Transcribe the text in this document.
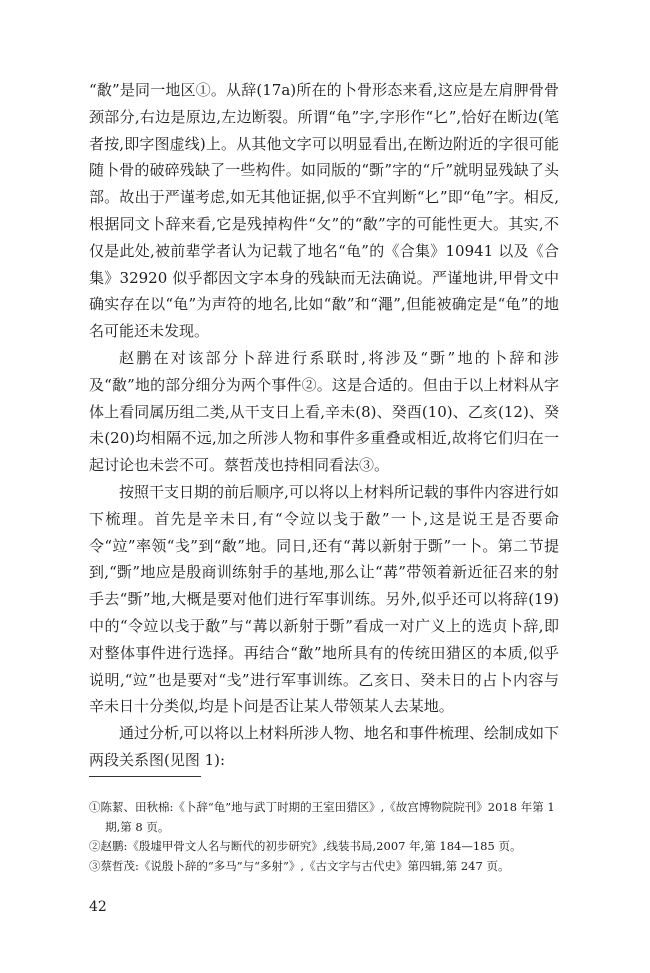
“敿”是同一地区①。从辞(17a)所在的卜骨形态来看,这应是左肩胛骨骨颈部分,右边是原边,左边断裂。所谓“龟”字,字形作“𠤎”,恰好在断边(笔者按,即字图虚线)上。从其他文字可以明显看出,在断边附近的字很可能随卜骨的破碎残缺了一些构件。如同版的“斲”字的“斤”就明显残缺了头部。故出于严谨考虑,如无其他证据,似乎不宜判断“𠤎”即“龟”字。相反,根据同文卜辞来看,它是残掉构件“攵”的“敿”字的可能性更大。其实,不仅是此处,被前辈学者认为记载了地名“龟”的《合集》10941 以及《合集》32920 似乎都因文字本身的残缺而无法确说。严谨地讲,甲骨文中确实存在以“龟”为声符的地名,比如“敿”和“澠”,但能被确定是“龟”的地名可能还未发现。

赵鹏在对该部分卜辞进行系联时,将涉及“斲”地的卜辞和涉及“敿”地的部分细分为两个事件②。这是合适的。但由于以上材料从字体上看同属历组二类,从干支日上看,辛未(8)、癸酉(10)、乙亥(12)、癸未(20)均相隔不远,加之所涉人物和事件多重叠或相近,故将它们归在一起讨论也未尝不可。蔡哲茂也持相同看法③。

按照干支日期的前后顺序,可以将以上材料所记载的事件内容进行如下梳理。首先是辛未日,有“令竝以戋于敿”一卜,这是说王是否要命令“竝”率领“戋”到“敿”地。同日,还有“冓以新射于斲”一卜。第二节提到,“斲”地应是殷商训练射手的基地,那么让“冓”带领着新近征召来的射手去“斲”地,大概是要对他们进行军事训练。另外,似乎还可以将辞(19)中的“令竝以戋于敿”与“冓以新射于斲”看成一对广义上的选贞卜辞,即对整体事件进行选择。再结合“敿”地所具有的传统田猎区的本质,似乎说明,“竝”也是要对“戋”进行军事训练。乙亥日、癸未日的占卜内容与辛未日十分类似,均是卜问是否让某人带领某人去某地。

通过分析,可以将以上材料所涉人物、地名和事件梳理、绘制成如下两段关系图(见图 1):

①陈絜、田秋棉:《卜辞“龟”地与武丁时期的王室田猎区》,《故宫博物院院刊》2018 年第 1 期,第 8 页。

②赵鹏:《殷墟甲骨文人名与断代的初步研究》,线装书局,2007 年,第 184—185 页。

③蔡哲茂:《说殷卜辞的“多马”与“多射”》,《古文字与古代史》第四辑,第 247 页。

42
